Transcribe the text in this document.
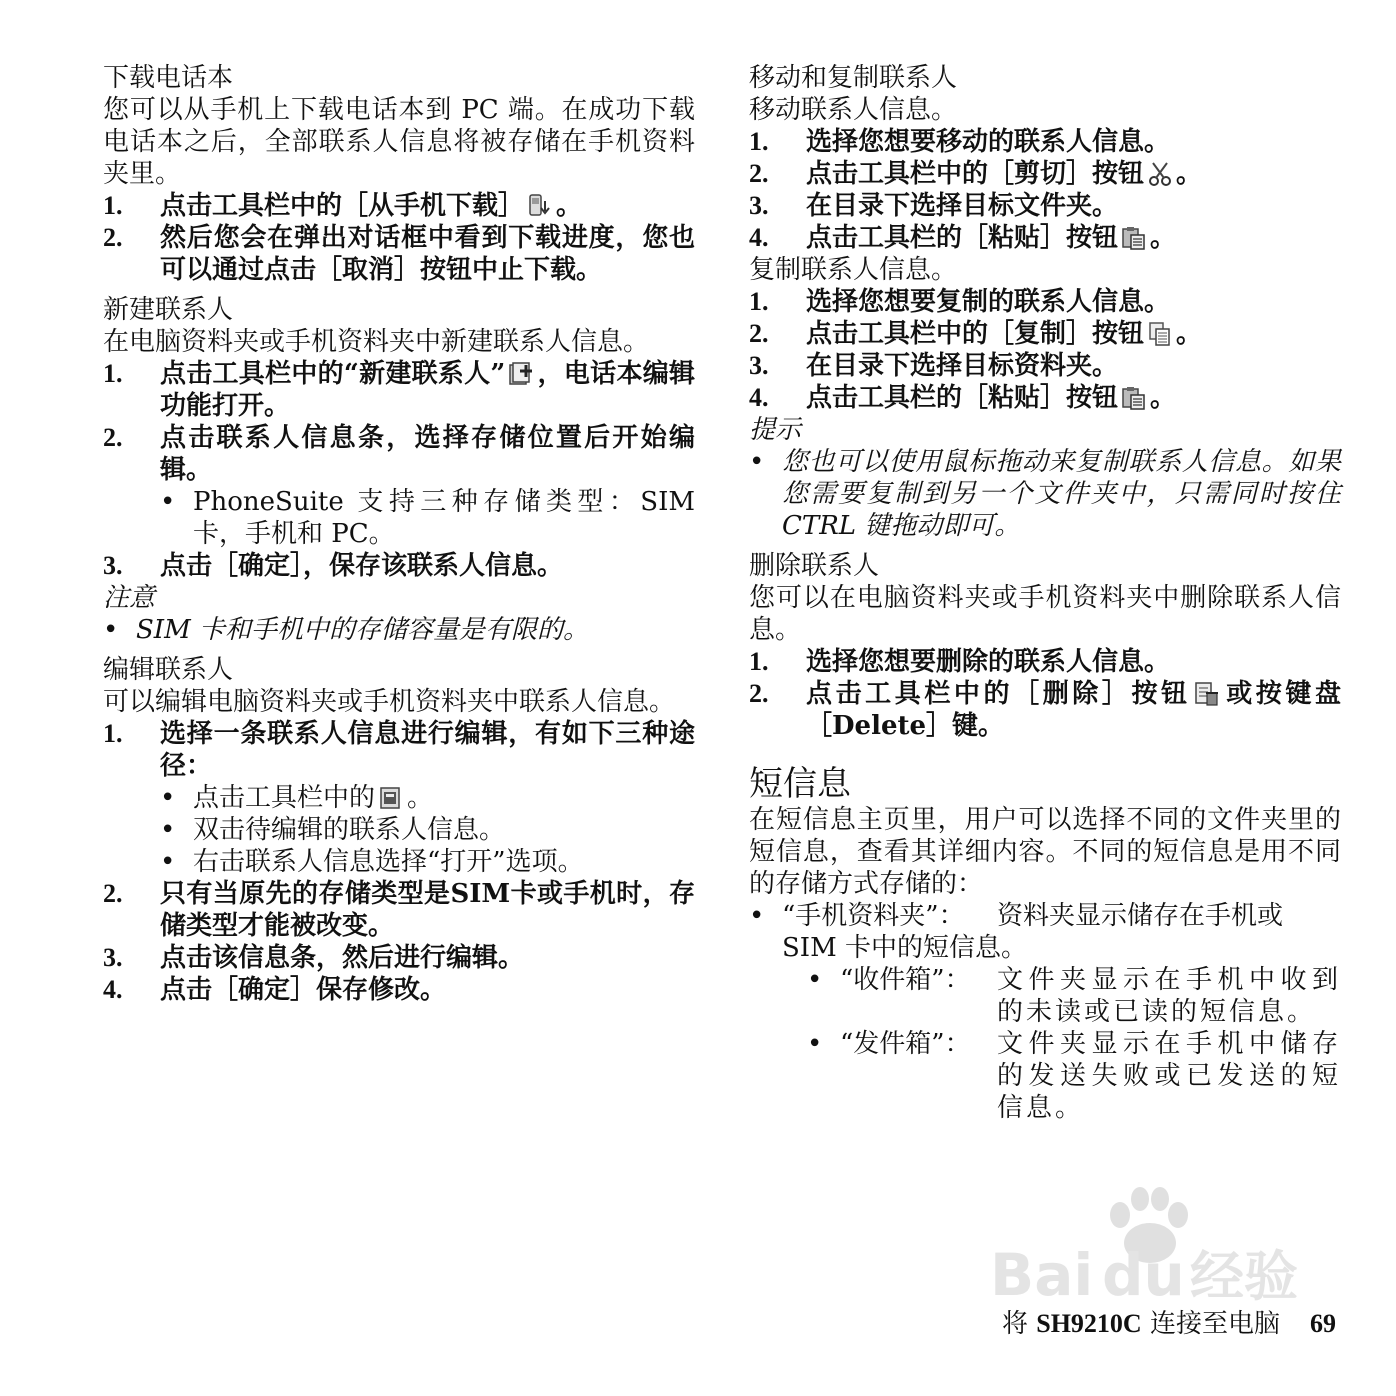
下载电话本
您可以从手机上下载电话本到 PC 端。在成功下载电话本之后，全部联系人信息将被存储在手机资料夹里。
1.	点击工具栏中的［从手机下载］ 。
2.	然后您会在弹出对话框中看到下载进度，您也可以通过点击［取消］按钮中止下载。
新建联系人
在电脑资料夹或手机资料夹中新建联系人信息。
1.	点击工具栏中的“新建联系人” ，电话本编辑功能打开。
2.	点击联系人信息条，选择存储位置后开始编辑。
• PhoneSuite 支持三种存储类型：SIM 卡，手机和 PC。
3.	点击［确定］，保存该联系人信息。
注意
• SIM 卡和手机中的存储容量是有限的。
编辑联系人
可以编辑电脑资料夹或手机资料夹中联系人信息。
1.	选择一条联系人信息进行编辑，有如下三种途径：
• 点击工具栏中的 。
• 双击待编辑的联系人信息。
• 右击联系人信息选择“打开”选项。
2.	只有当原先的存储类型是SIM卡或手机时，存储类型才能被改变。
3.	点击该信息条，然后进行编辑。
4.	点击［确定］保存修改。
移动和复制联系人
移动联系人信息。
1.	选择您想要移动的联系人信息。
2.	点击工具栏中的［剪切］按钮 。
3.	在目录下选择目标文件夹。
4.	点击工具栏的［粘贴］按钮 。
复制联系人信息。
1.	选择您想要复制的联系人信息。
2.	点击工具栏中的［复制］按钮 。
3.	在目录下选择目标资料夹。
4.	点击工具栏的［粘贴］按钮 。
提示
• 您也可以使用鼠标拖动来复制联系人信息。如果您需要复制到另一个文件夹中，只需同时按住 CTRL 键拖动即可。
删除联系人
您可以在电脑资料夹或手机资料夹中删除联系人信息。
1.	选择您想要删除的联系人信息。
2.	点击工具栏中的［删除］按钮 或按键盘［Delete］键。
短信息
在短信息主页里，用户可以选择不同的文件夹里的短信息，查看其详细内容。不同的短信息是用不同的存储方式存储的：
• “手机资料夹”：	资料夹显示储存在手机或
SIM 卡中的短信息。
• “收件箱”： 文件夹显示在手机中收到的未读或已读的短信息。
• “发件箱”： 文件夹显示在手机中储存的发送失败或已发送的短信息。
Bai du 经验
将 SH9210C 连接至电脑 69
